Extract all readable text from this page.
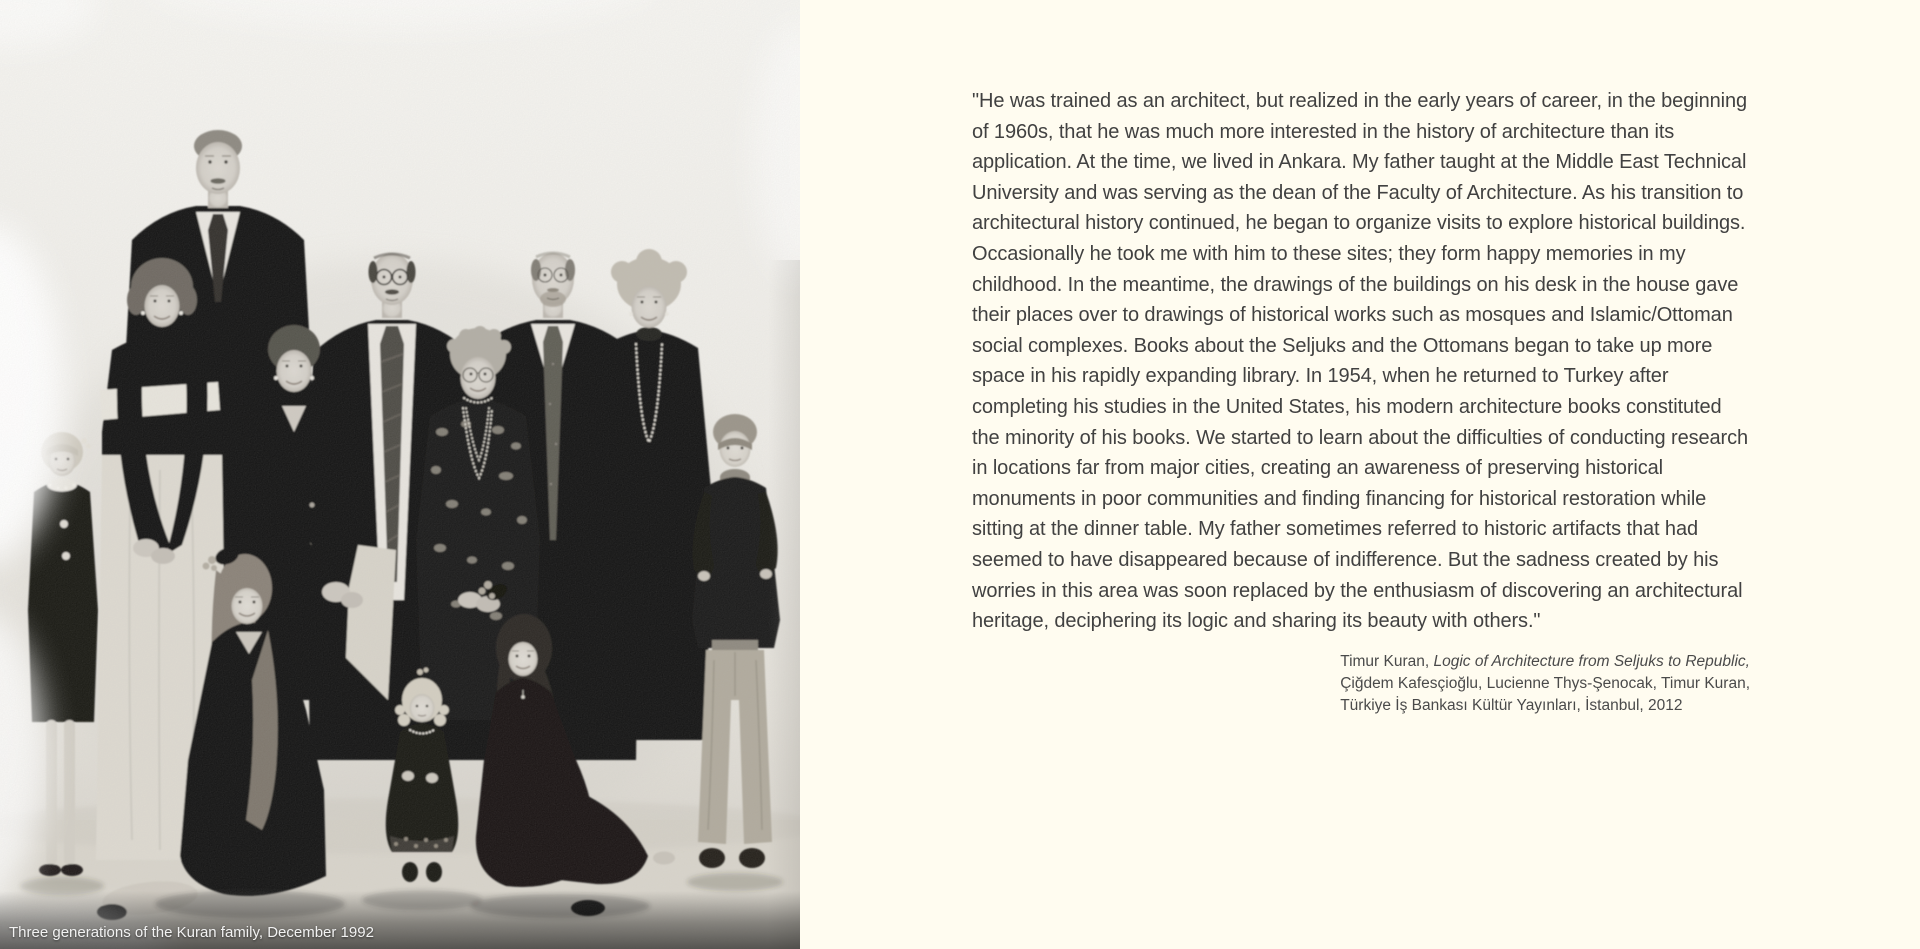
Three generations of the Kuran family, December 1992

"He was trained as an architect, but realized in the early years of career, in the beginning of 1960s, that he was much more interested in the history of architecture than its application. At the time, we lived in Ankara. My father taught at the Middle East Technical University and was serving as the dean of the Faculty of Architecture. As his transition to architectural history continued, he began to organize visits to explore historical buildings. Occasionally he took me with him to these sites; they form happy memories in my childhood. In the meantime, the drawings of the buildings on his desk in the house gave their places over to drawings of historical works such as mosques and Islamic/Ottoman social complexes. Books about the Seljuks and the Ottomans began to take up more space in his rapidly expanding library. In 1954, when he returned to Turkey after completing his studies in the United States, his modern architecture books constituted the minority of his books. We started to learn about the difficulties of conducting research in locations far from major cities, creating an awareness of preserving historical monuments in poor communities and finding financing for historical restoration while sitting at the dinner table. My father sometimes referred to historic artifacts that had seemed to have disappeared because of indifference. But the sadness created by his worries in this area was soon replaced by the enthusiasm of discovering an architectural heritage, deciphering its logic and sharing its beauty with others."

Timur Kuran, Logic of Architecture from Seljuks to Republic,
Çiğdem Kafesçioğlu, Lucienne Thys-Şenocak, Timur Kuran,
Türkiye İş Bankası Kültür Yayınları, İstanbul, 2012
